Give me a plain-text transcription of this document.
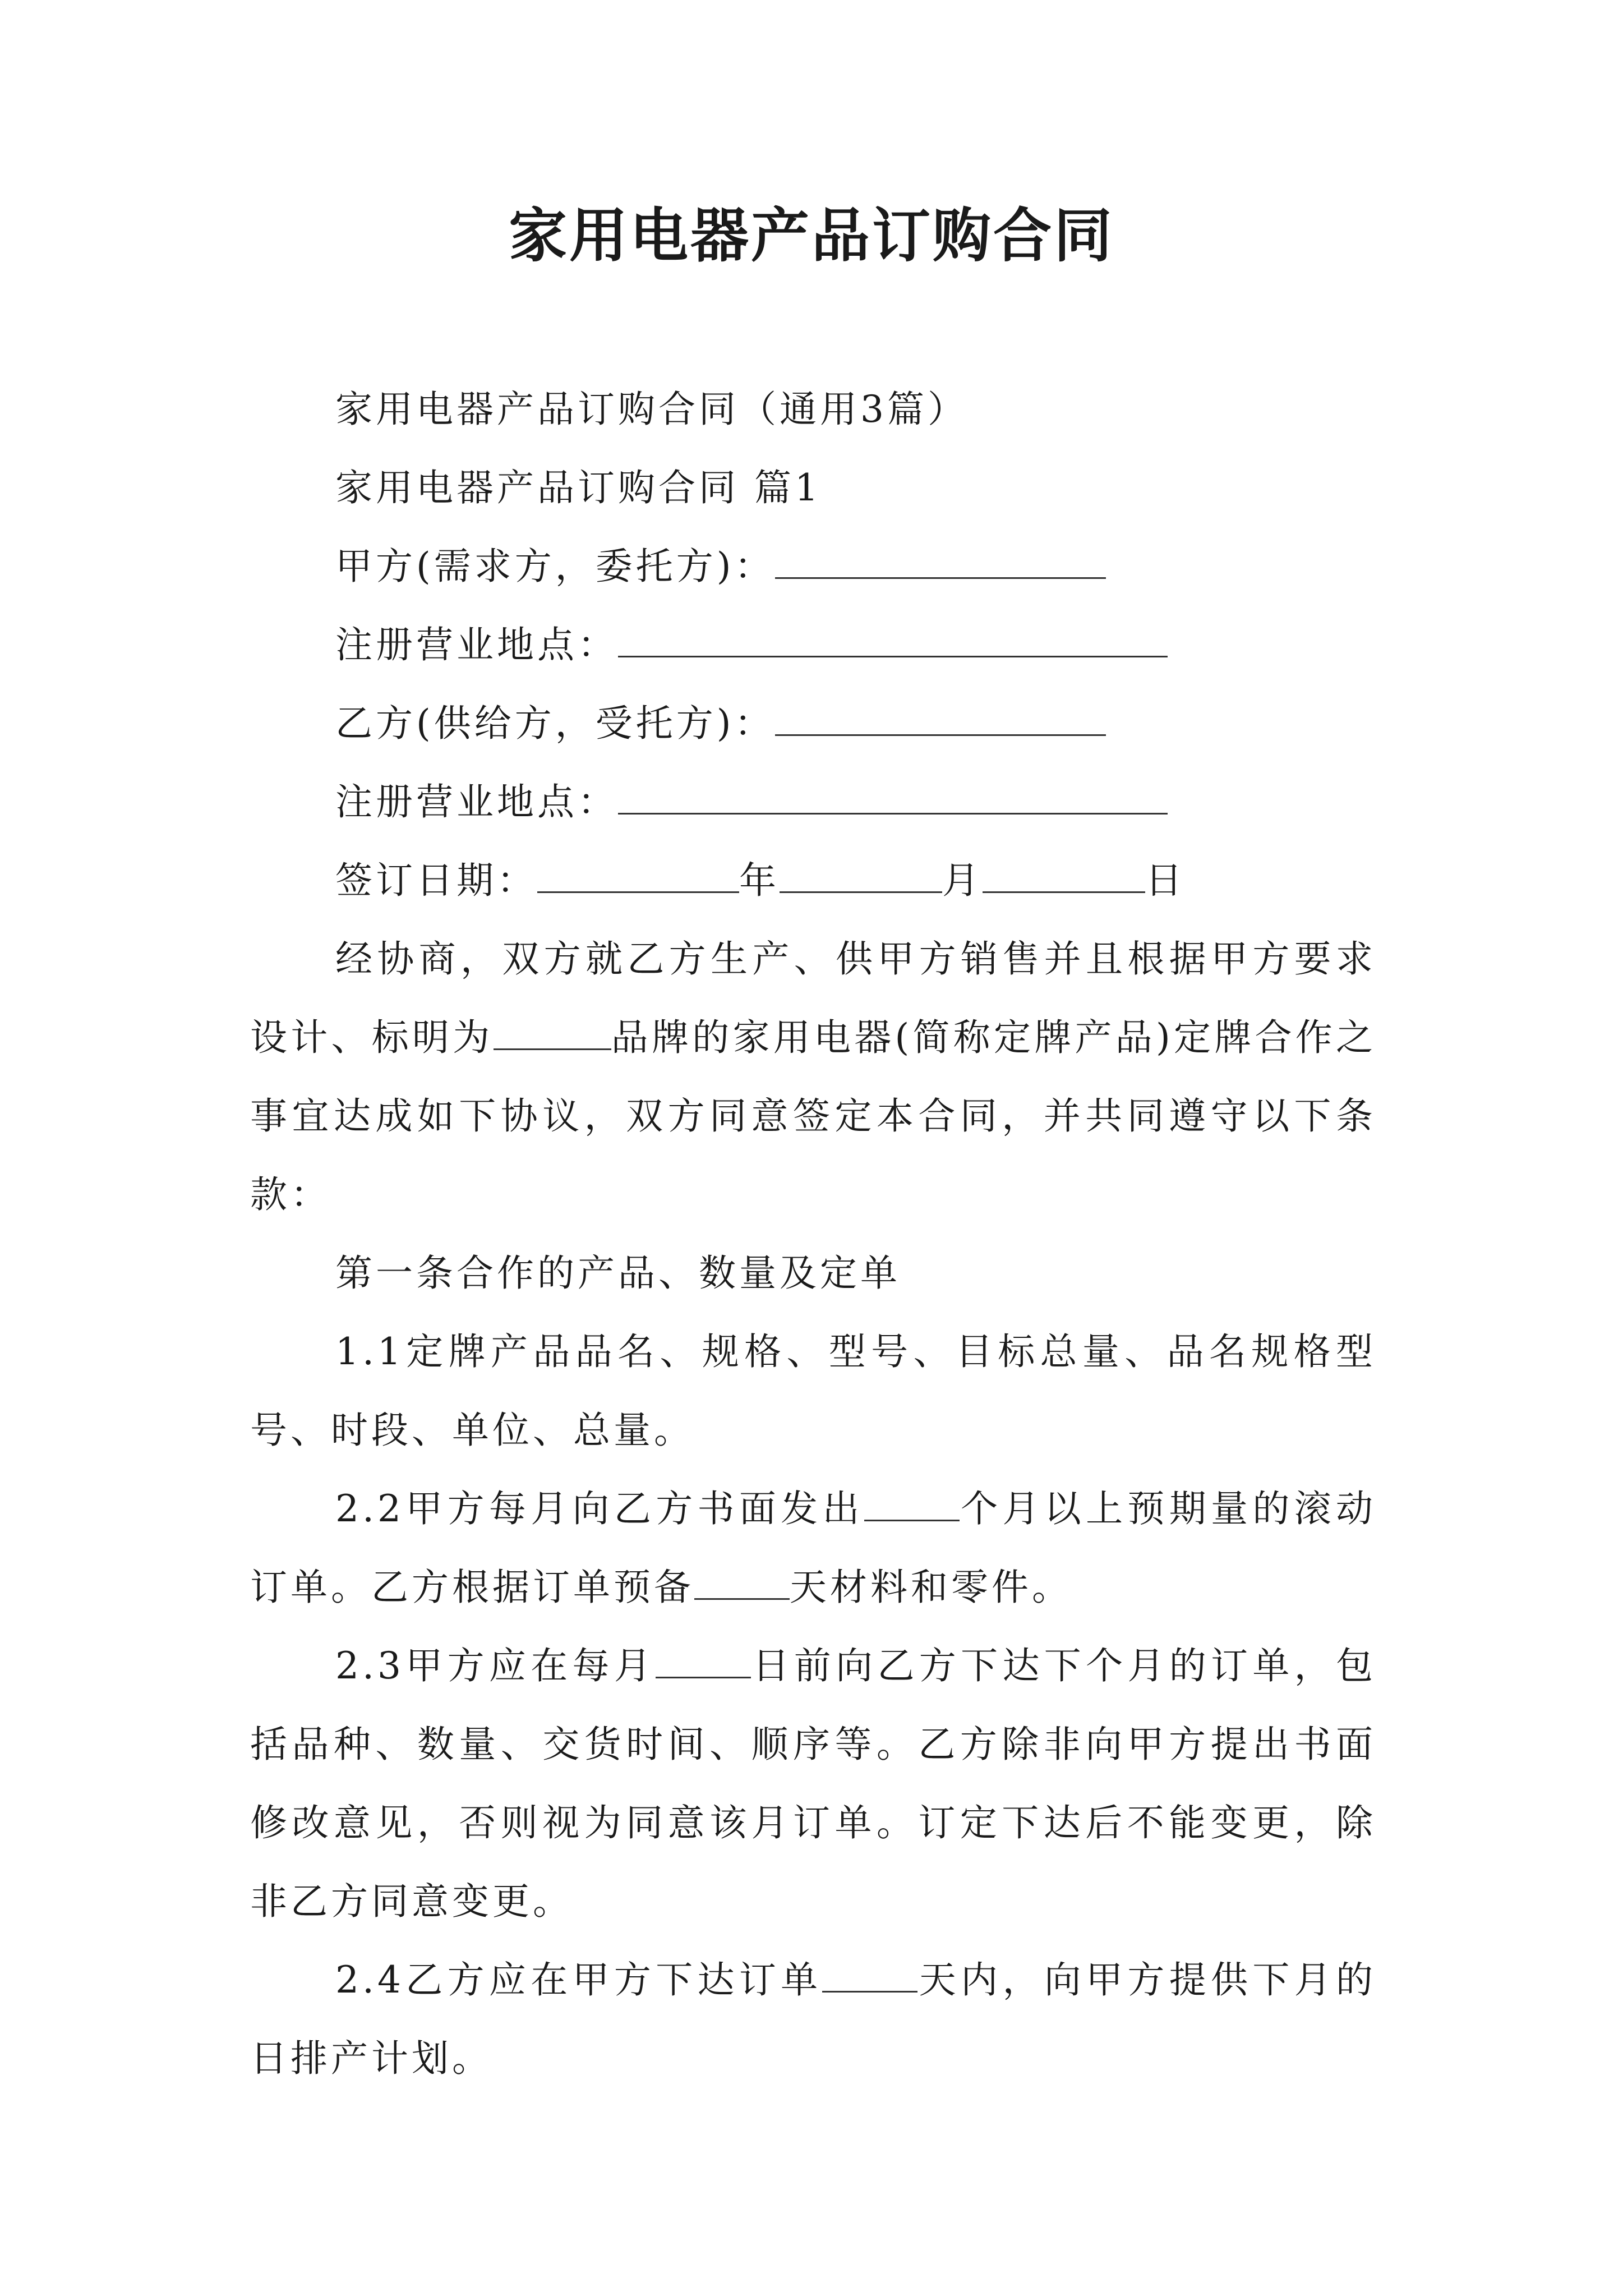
家用电器产品订购合同

家用电器产品订购合同（通用3篇）

家用电器产品订购合同 篇1

甲方(需求方，委托方)：

注册营业地点：

乙方(供给方，受托方)：

注册营业地点：

签订日期：	年	月	日

经协商，双方就乙方生产、供甲方销售并且根据甲方要求设计、标明为	品牌的家用电器(简称定牌产品)定牌合作之事宜达成如下协议，双方同意签定本合同，并共同遵守以下条款：

第一条合作的产品、数量及定单

1.1定牌产品品名、规格、型号、目标总量、品名规格型号、时段、单位、总量。

2.2甲方每月向乙方书面发出	个月以上预期量的滚动订单。乙方根据订单预备	天材料和零件。

2.3甲方应在每月	日前向乙方下达下个月的订单，包括品种、数量、交货时间、顺序等。乙方除非向甲方提出书面修改意见，否则视为同意该月订单。订定下达后不能变更，除非乙方同意变更。

2.4乙方应在甲方下达订单	天内，向甲方提供下月的日排产计划。
